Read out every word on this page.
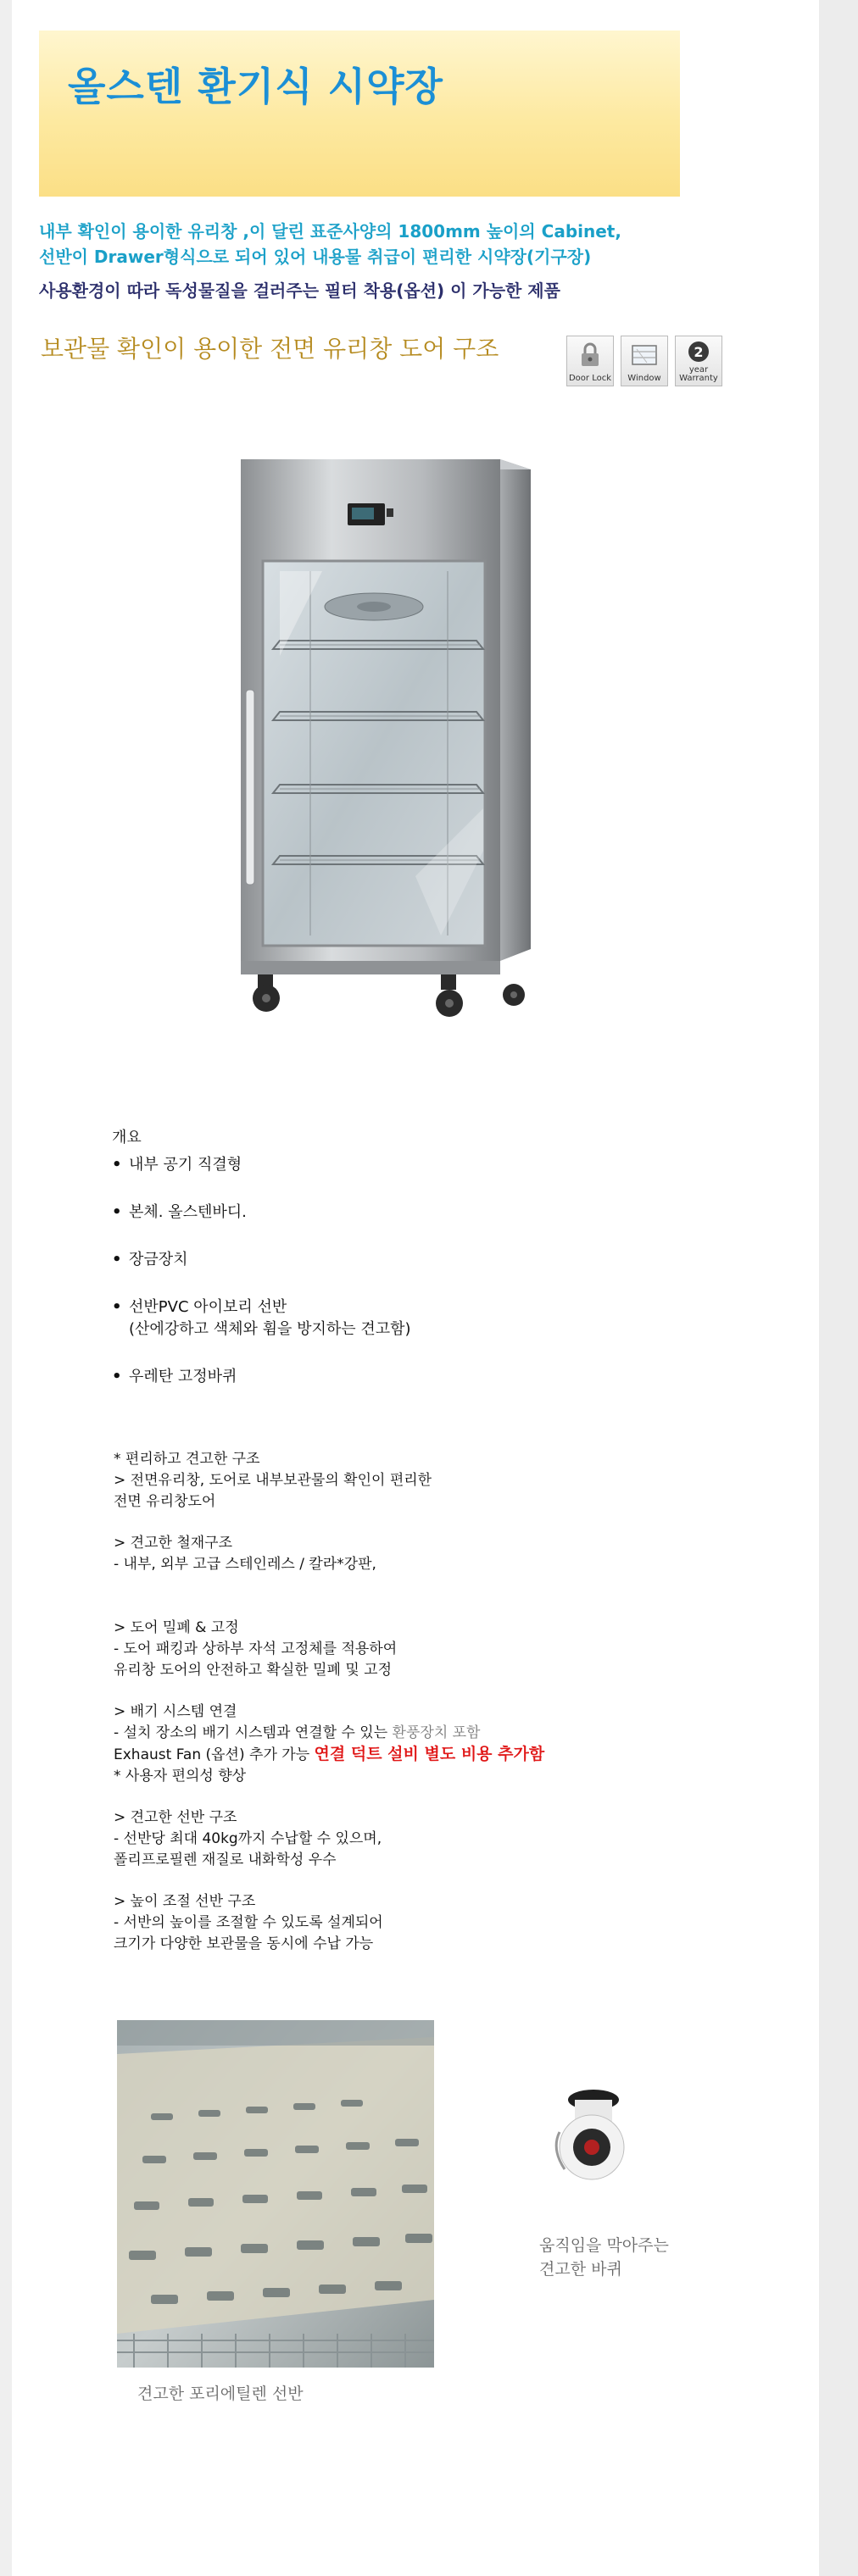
올스텐 환기식 시약장
내부 확인이 용이한 유리창 ,이 달린 표준사양의 1800mm 높이의 Cabinet,
선반이 Drawer형식으로 되어 있어 내용물 취급이 편리한 시약장(기구장)
사용환경이 따라 독성물질을 걸러주는 필터 착용(옵션) 이 가능한 제품
보관물 확인이 용이한 전면 유리창 도어 구조
Door Lock Window
2
year
Warranty
개요
• 내부 공기 직결형
• 본체. 올스텐바디.
• 장금장치
• 선반PVC 아이보리 선반
(산에강하고 색체와 휨을 방지하는 견고함)
• 우레탄 고정바퀴
* 편리하고 견고한 구조
> 전면유리창, 도어로 내부보관물의 확인이 편리한
전면 유리창도어
> 견고한 철재구조
- 내부, 외부 고급 스테인레스 / 칼라*강판,
> 도어 밀폐 & 고정
- 도어 패킹과 상하부 자석 고정체를 적용하여
유리창 도어의 안전하고 확실한 밀폐 및 고정
> 배기 시스템 연결
- 설치 장소의 배기 시스템과 연결할 수 있는 환풍장치 포함
Exhaust Fan (옵션) 추가 가능 연결 덕트 설비 별도 비용 추가함
* 사용자 편의성 향상
> 견고한 선반 구조
- 선반당 최대 40kg까지 수납할 수 있으며,
폴리프로필렌 재질로 내화학성 우수
> 높이 조절 선반 구조
- 서반의 높이를 조절할 수 있도록 설계되어
크기가 다양한 보관물을 동시에 수납 가능
견고한 포리에틸렌 선반
움직임을 막아주는
견고한 바퀴
